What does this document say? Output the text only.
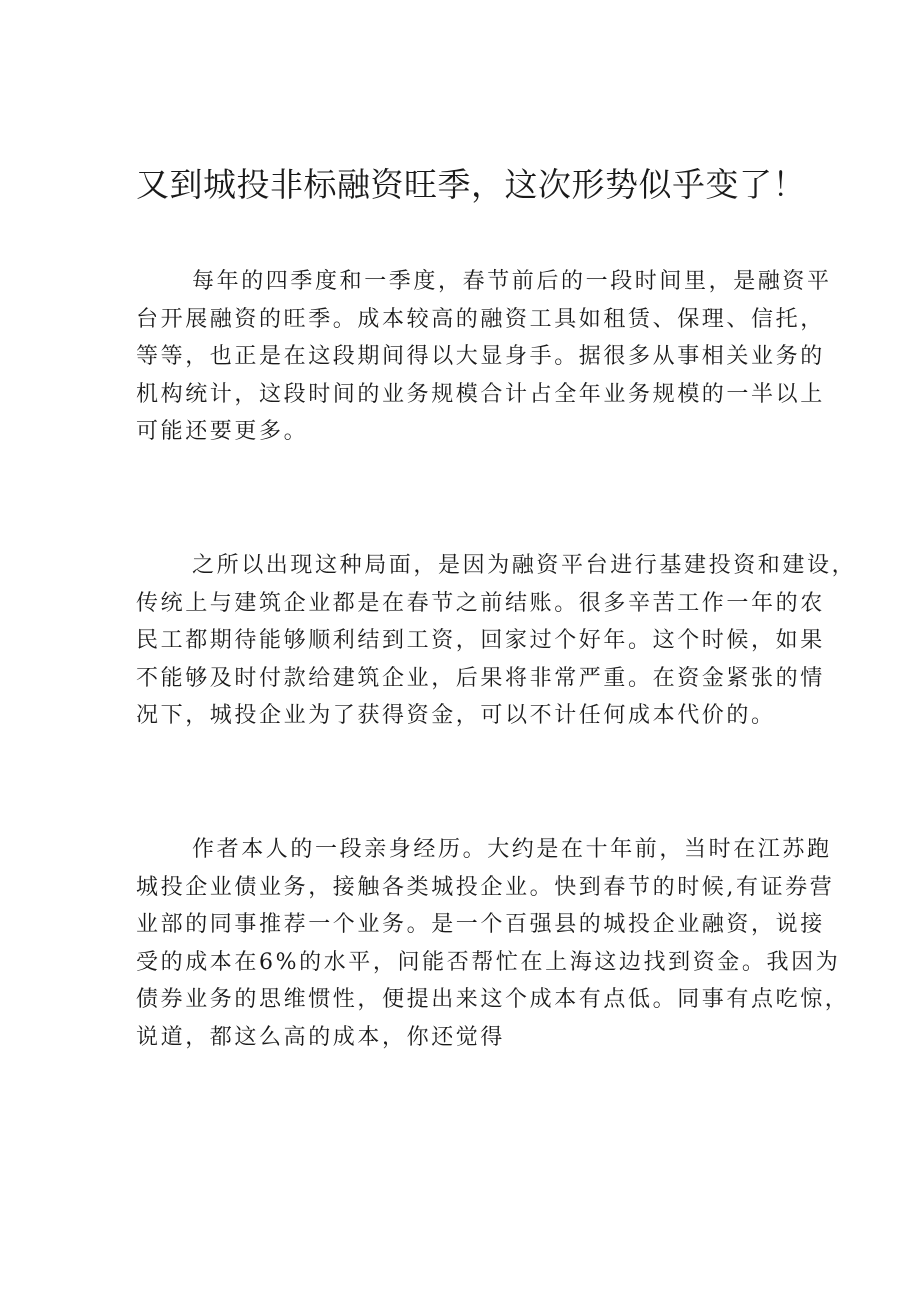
又到城投非标融资旺季，这次形势似乎变了！
每年的四季度和一季度，春节前后的一段时间里，是融资平
台开展融资的旺季。成本较高的融资工具如租赁、保理、信托，
等等，也正是在这段期间得以大显身手。据很多从事相关业务的
机构统计，这段时间的业务规模合计占全年业务规模的一半以上
可能还要更多。
之所以出现这种局面，是因为融资平台进行基建投资和建设，
传统上与建筑企业都是在春节之前结账。很多辛苦工作一年的农
民工都期待能够顺利结到工资，回家过个好年。这个时候，如果
不能够及时付款给建筑企业，后果将非常严重。在资金紧张的情
况下，城投企业为了获得资金，可以不计任何成本代价的。
作者本人的一段亲身经历。大约是在十年前，当时在江苏跑
城投企业债业务，接触各类城投企业。快到春节的时候,有证券营
业部的同事推荐一个业务。是一个百强县的城投企业融资，说接
受的成本在6%的水平，问能否帮忙在上海这边找到资金。我因为
债券业务的思维惯性，便提出来这个成本有点低。同事有点吃惊，
说道，都这么高的成本，你还觉得
